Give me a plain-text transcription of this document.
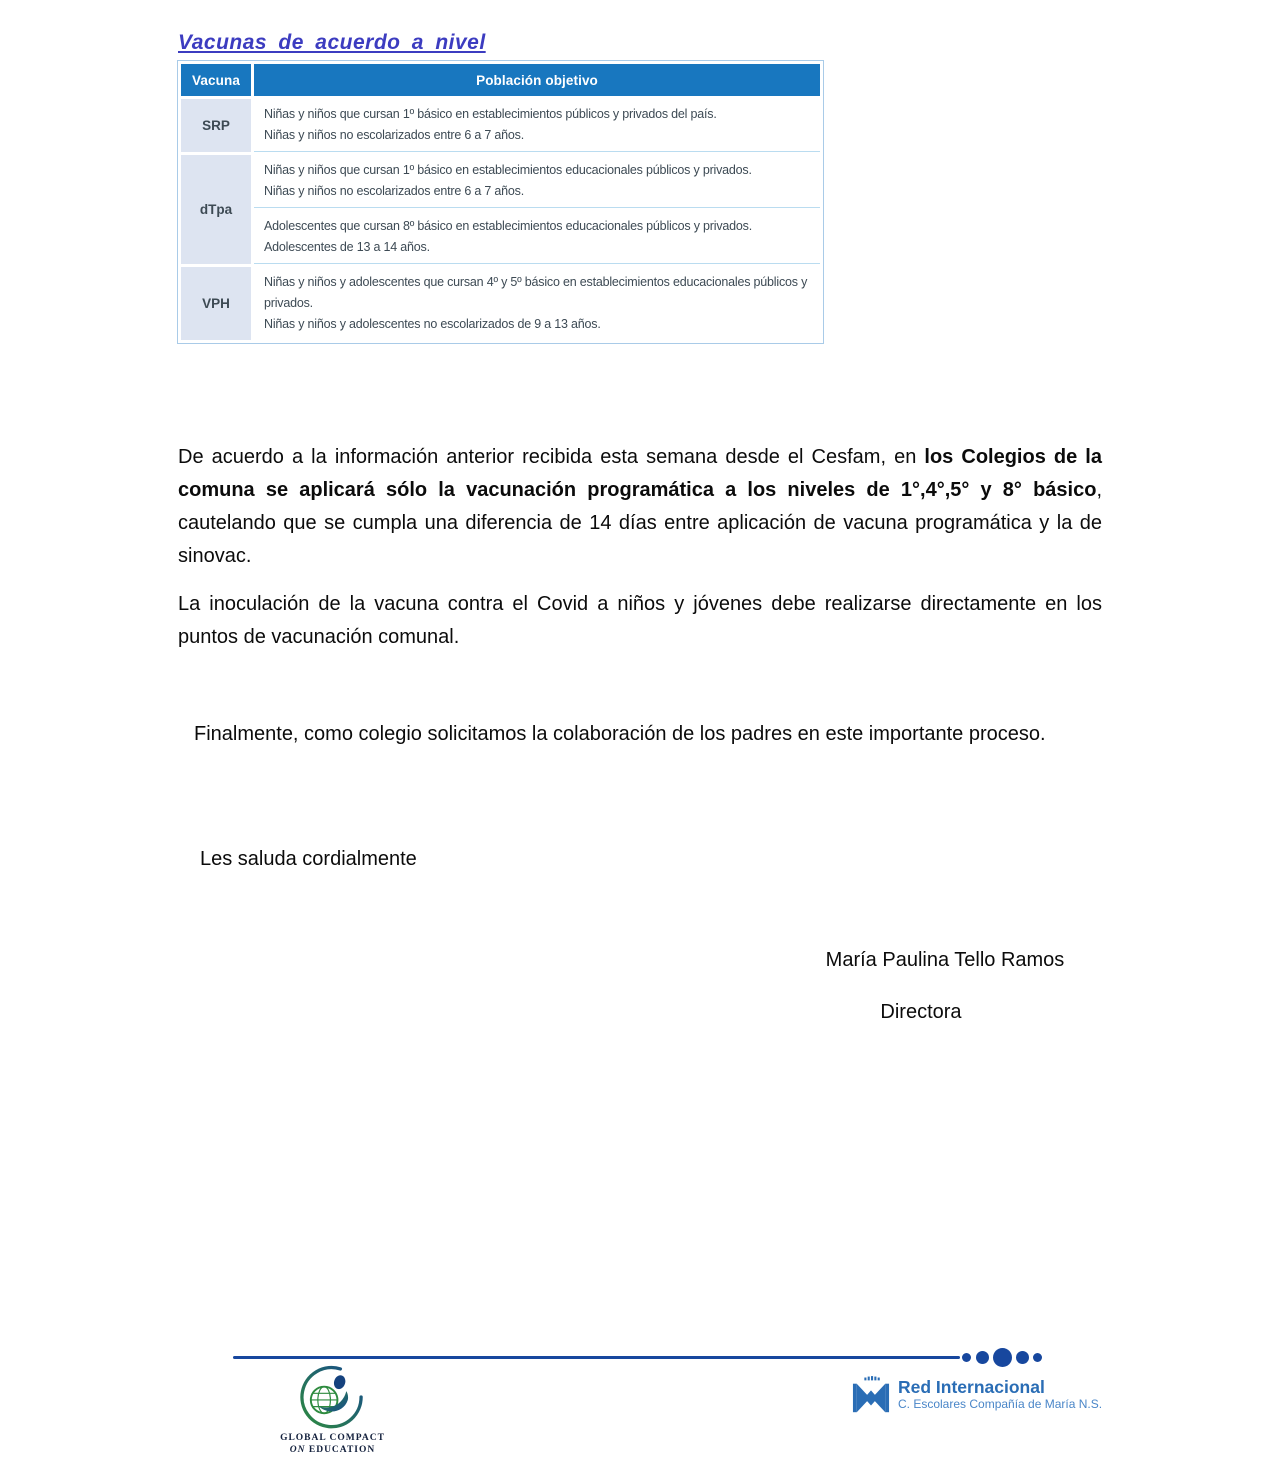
Vacunas de acuerdo a nivel
Vacuna	Población objetivo
SRP	Niñas y niños que cursan 1º básico en establecimientos públicos y privados del país.
Niñas y niños no escolarizados entre 6 a 7 años.

dTpa	Niñas y niños que cursan 1º básico en establecimientos educacionales públicos y privados.
Niñas y niños no escolarizados entre 6 a 7 años.

	Adolescentes que cursan 8º básico en establecimientos educacionales públicos y privados.
Adolescentes de 13 a 14 años.

VPH	Niñas y niños y adolescentes que cursan 4º y 5º básico en establecimientos educacionales públicos y privados.
Niñas y niños y adolescentes no escolarizados de 9 a 13 años.

De acuerdo a la información anterior recibida esta semana desde el Cesfam, en los Colegios de la comuna se aplicará sólo la vacunación programática a los niveles de 1°,4°,5° y 8° básico, cautelando que se cumpla una diferencia de 14 días entre aplicación de vacuna programática y la de sinovac.

La inoculación de la vacuna contra el Covid a niños y jóvenes debe realizarse directamente en los puntos de vacunación comunal.

Finalmente, como colegio solicitamos la colaboración de los padres en este importante proceso.

Les saluda cordialmente

María Paulina Tello Ramos
Directora
GLOBAL COMPACT
ON EDUCATION
Red Internacional
C. Escolares Compañía de María N.S.
